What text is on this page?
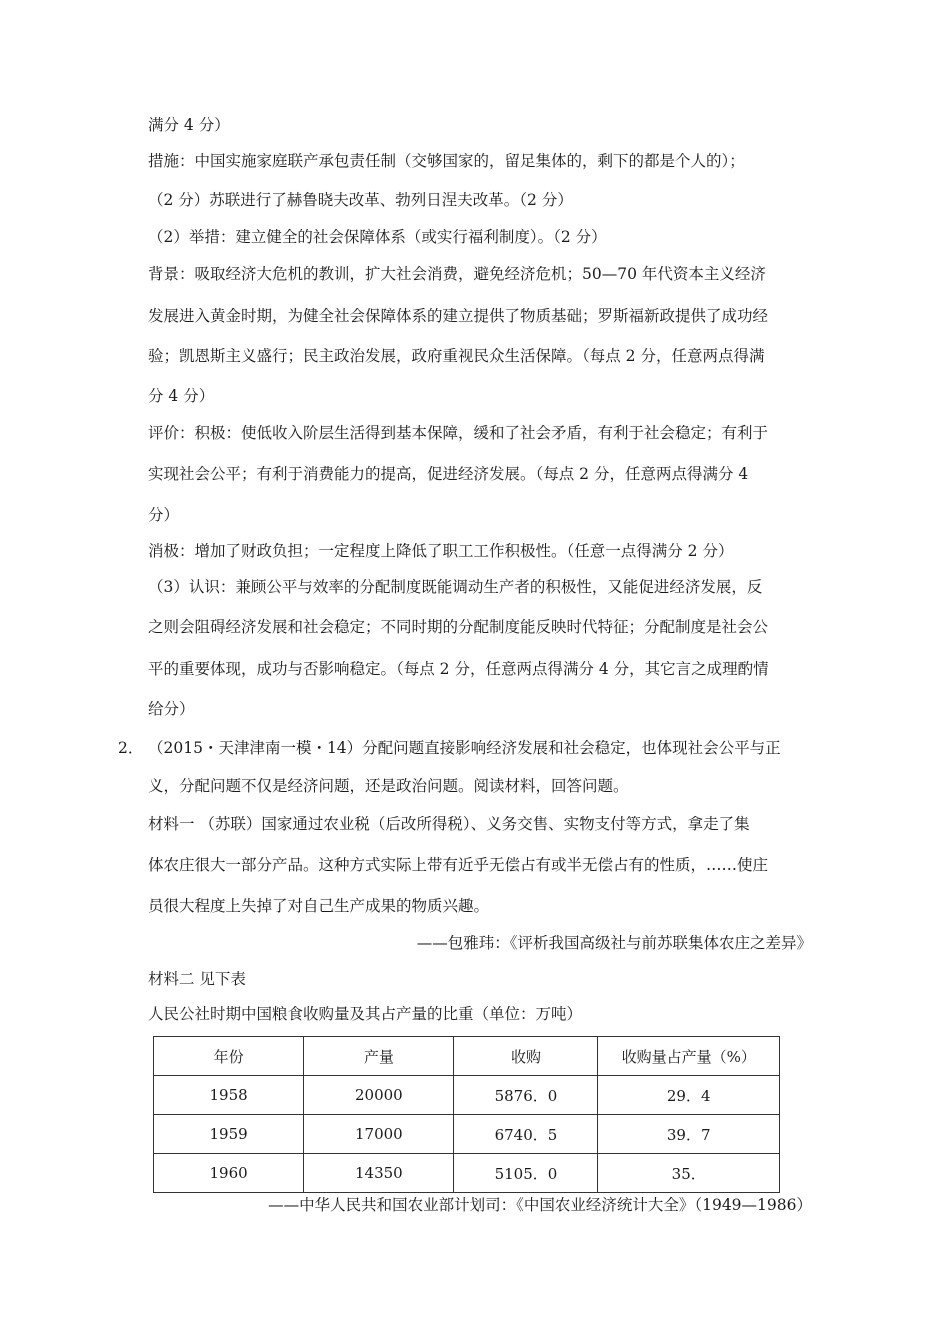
满分 4 分）
措施：中国实施家庭联产承包责任制（交够国家的，留足集体的，剩下的都是个人的）；
（2 分）苏联进行了赫鲁晓夫改革、勃列日涅夫改革。（2 分）
（2）举措：建立健全的社会保障体系（或实行福利制度）。（2 分）
背景：吸取经济大危机的教训，扩大社会消费，避免经济危机；50—70 年代资本主义经济
发展进入黄金时期，为健全社会保障体系的建立提供了物质基础；罗斯福新政提供了成功经
验；凯恩斯主义盛行；民主政治发展，政府重视民众生活保障。（每点 2 分，任意两点得满
分 4 分）
评价：积极：使低收入阶层生活得到基本保障，缓和了社会矛盾，有利于社会稳定；有利于
实现社会公平；有利于消费能力的提高，促进经济发展。（每点 2 分，任意两点得满分 4
分）
消极：增加了财政负担；一定程度上降低了职工工作积极性。（任意一点得满分 2 分）
（3）认识：兼顾公平与效率的分配制度既能调动生产者的积极性，又能促进经济发展，反
之则会阻碍经济发展和社会稳定；不同时期的分配制度能反映时代特征；分配制度是社会公
平的重要体现，成功与否影响稳定。（每点 2 分，任意两点得满分 4 分，其它言之成理酌情
给分）
2． （2015・天津津南一模・14）分配问题直接影响经济发展和社会稳定，也体现社会公平与正
义，分配问题不仅是经济问题，还是政治问题。阅读材料，回答问题。
材料一 （苏联）国家通过农业税（后改所得税）、义务交售、实物支付等方式，拿走了集
体农庄很大一部分产品。这种方式实际上带有近乎无偿占有或半无偿占有的性质，……使庄
员很大程度上失掉了对自己生产成果的物质兴趣。
——包雅玮：《评析我国高级社与前苏联集体农庄之差异》
材料二 见下表
人民公社时期中国粮食收购量及其占产量的比重（单位：万吨）
年份	产量	收购	收购量占产量（%）
1958	20000	5876．0	29．4
1959	17000	6740．5	39．7
1960	14350	5105．0	35．
——中华人民共和国农业部计划司：《中国农业经济统计大全》（1949—1986）
